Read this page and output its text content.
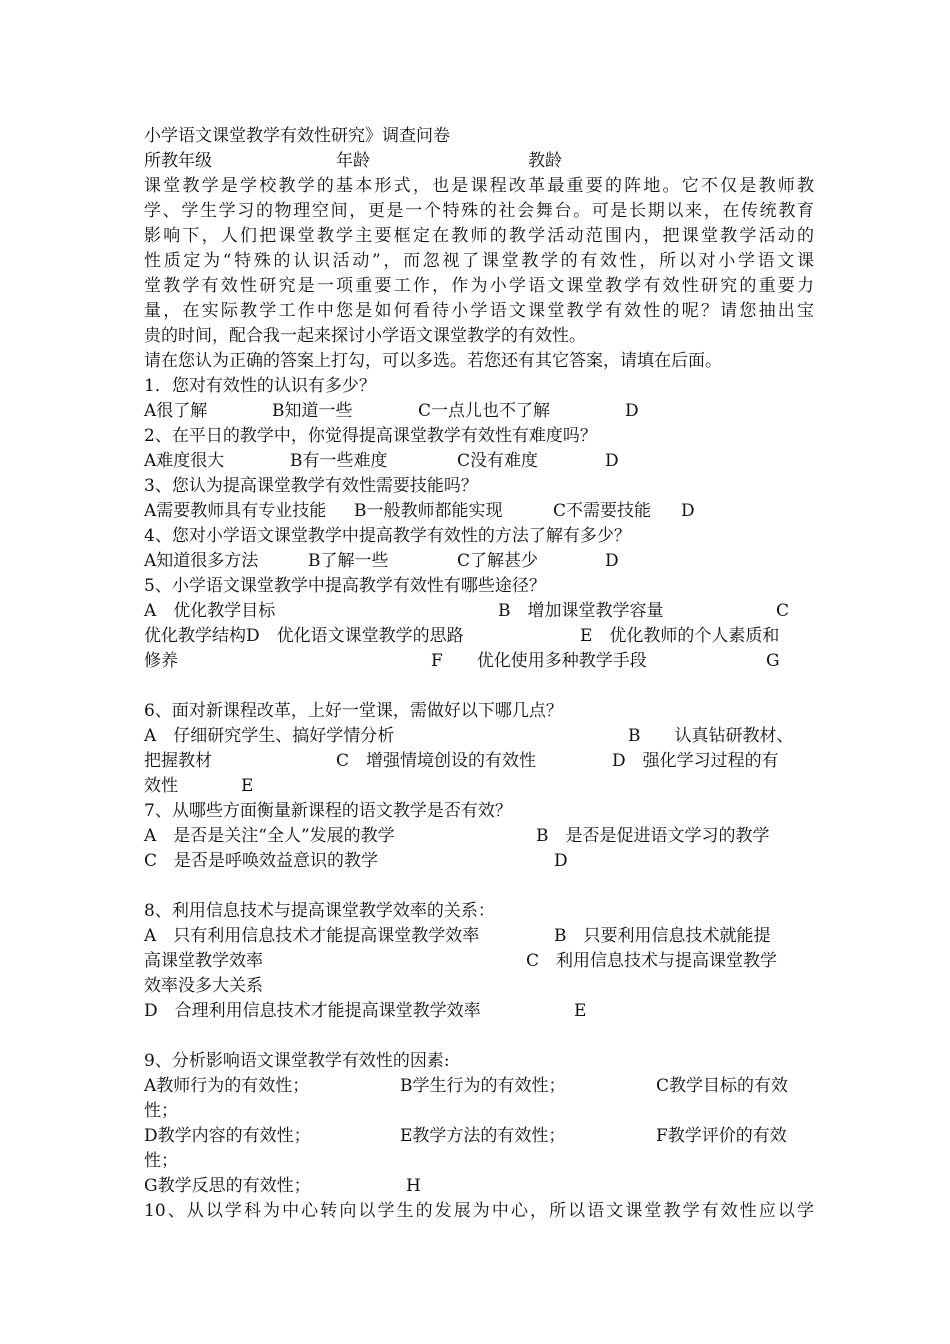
小学语文课堂教学有效性研究》调查问卷
所教年级	年龄	教龄
课堂教学是学校教学的基本形式，也是课程改革最重要的阵地。它不仅是教师教
学、学生学习的物理空间，更是一个特殊的社会舞台。可是长期以来，在传统教育
影响下，人们把课堂教学主要框定在教师的教学活动范围内，把课堂教学活动的
性质定为“特殊的认识活动”，而忽视了课堂教学的有效性，所以对小学语文课
堂教学有效性研究是一项重要工作，作为小学语文课堂教学有效性研究的重要力
量，在实际教学工作中您是如何看待小学语文课堂教学有效性的呢？请您抽出宝
贵的时间，配合我一起来探讨小学语文课堂教学的有效性。
请在您认为正确的答案上打勾，可以多选。若您还有其它答案，请填在后面。
1．您对有效性的认识有多少？
A很了解	B知道一些	C一点儿也不了解	D
2、在平日的教学中，你觉得提高课堂教学有效性有难度吗？
A难度很大	B有一些难度	C没有难度	D
3、您认为提高课堂教学有效性需要技能吗？
A需要教师具有专业技能 B一般教师都能实现	C不需要技能 D
4、您对小学语文课堂教学中提高教学有效性的方法了解有多少？
A知道很多方法	B了解一些	C了解甚少	D
5、小学语文课堂教学中提高教学有效性有哪些途径？
A　优化教学目标	B　增加课堂教学容量	C
优化教学结构D　优化语文课堂教学的思路	E　优化教师的个人素质和
修养	F　　优化使用多种教学手段	G
6、面对新课程改革，上好一堂课，需做好以下哪几点？
A　仔细研究学生、搞好学情分析	B　　认真钻研教材、
把握教材	C　增强情境创设的有效性	D　强化学习过程的有
效性	E
7、从哪些方面衡量新课程的语文教学是否有效？
A　是否是关注“全人”发展的教学	B　是否是促进语文学习的教学
C　是否是呼唤效益意识的教学	D
8、利用信息技术与提高课堂教学效率的关系：
A　只有利用信息技术才能提高课堂教学效率	B　只要利用信息技术就能提
高课堂教学效率	C　利用信息技术与提高课堂教学
效率没多大关系
D　合理利用信息技术才能提高课堂教学效率	E
9、分析影响语文课堂教学有效性的因素:
A教师行为的有效性；	B学生行为的有效性；	C教学目标的有效
性；
D教学内容的有效性；	E教学方法的有效性；	F教学评价的有效
性；
G教学反思的有效性；	H
10、从以学科为中心转向以学生的发展为中心，所以语文课堂教学有效性应以学
